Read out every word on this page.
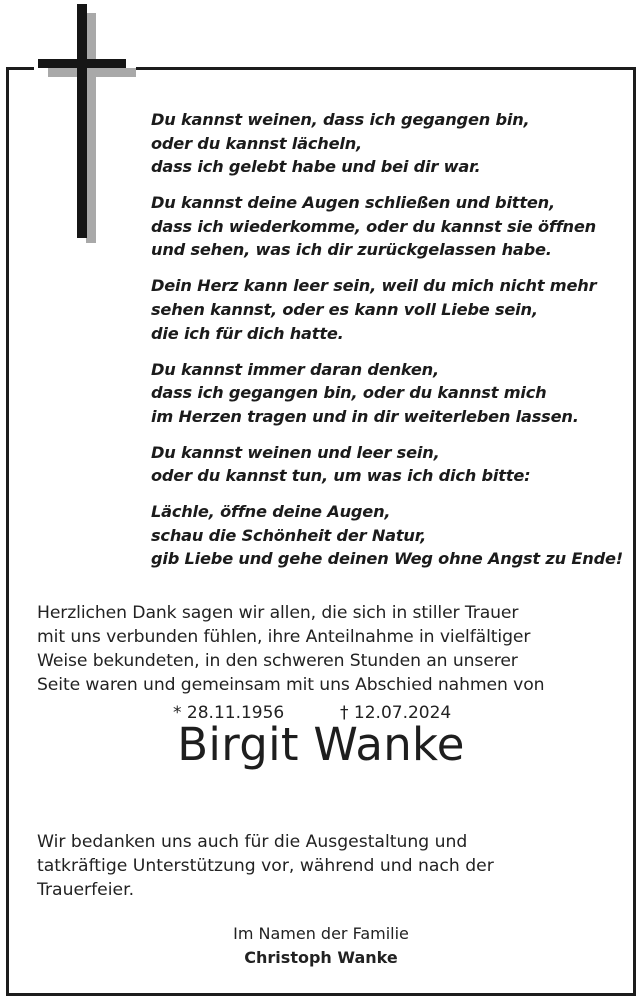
Du kannst weinen, dass ich gegangen bin,
oder du kannst lächeln,
dass ich gelebt habe und bei dir war.
Du kannst deine Augen schließen und bitten,
dass ich wiederkomme, oder du kannst sie öffnen
und sehen, was ich dir zurückgelassen habe.
Dein Herz kann leer sein, weil du mich nicht mehr
sehen kannst, oder es kann voll Liebe sein,
die ich für dich hatte.
Du kannst immer daran denken,
dass ich gegangen bin, oder du kannst mich
im Herzen tragen und in dir weiterleben lassen.
Du kannst weinen und leer sein,
oder du kannst tun, um was ich dich bitte:
Lächle, öffne deine Augen,
schau die Schönheit der Natur,
gib Liebe und gehe deinen Weg ohne Angst zu Ende!
Herzlichen Dank sagen wir allen, die sich in stiller Trauer
mit uns verbunden fühlen, ihre Anteilnahme in vielfältiger
Weise bekundeten, in den schweren Stunden an unserer
Seite waren und gemeinsam mit uns Abschied nahmen von
Birgit Wanke
* 28.11.1956	† 12.07.2024
Wir bedanken uns auch für die Ausgestaltung und
tatkräftige Unterstützung vor, während und nach der
Trauerfeier.
Im Namen der Familie
Christoph Wanke
